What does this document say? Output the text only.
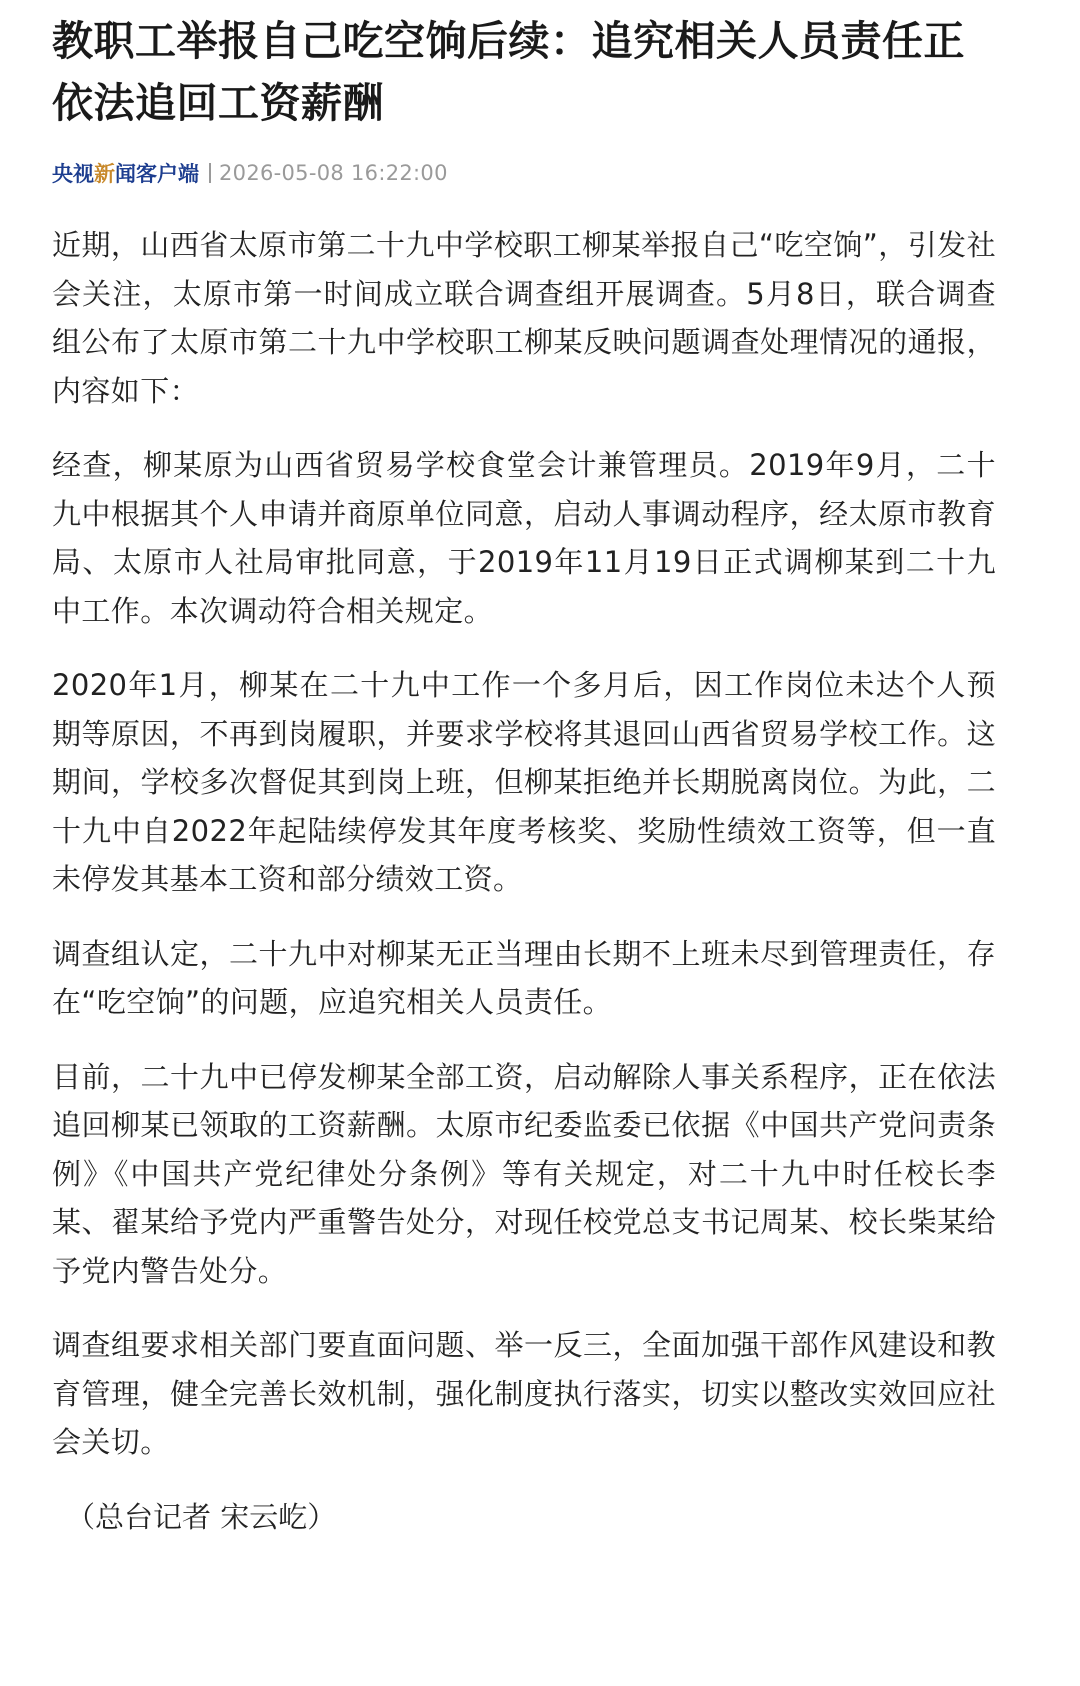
教职工举报自己吃空饷后续：追究相关人员责任正依法追回工资薪酬
央视 新 闻客户端 2026-05-08 16:22:00

近期，山西省太原市第二十九中学校职工柳某举报自己“吃空饷”，引发社会关注，太原市第一时间成立联合调查组开展调查。5月8日，联合调查组公布了太原市第二十九中学校职工柳某反映问题调查处理情况的通报，内容如下：

经查，柳某原为山西省贸易学校食堂会计兼管理员。2019年9月，二十九中根据其个人申请并商原单位同意，启动人事调动程序，经太原市教育局、太原市人社局审批同意，于2019年11月19日正式调柳某到二十九中工作。本次调动符合相关规定。

2020年1月，柳某在二十九中工作一个多月后，因工作岗位未达个人预期等原因，不再到岗履职，并要求学校将其退回山西省贸易学校工作。这期间，学校多次督促其到岗上班，但柳某拒绝并长期脱离岗位。为此，二十九中自2022年起陆续停发其年度考核奖、奖励性绩效工资等，但一直未停发其基本工资和部分绩效工资。

调查组认定，二十九中对柳某无正当理由长期不上班未尽到管理责任，存在“吃空饷”的问题，应追究相关人员责任。

目前，二十九中已停发柳某全部工资，启动解除人事关系程序，正在依法追回柳某已领取的工资薪酬。太原市纪委监委已依据《中国共产党问责条例》《中国共产党纪律处分条例》等有关规定，对二十九中时任校长李某、翟某给予党内严重警告处分，对现任校党总支书记周某、校长柴某给予党内警告处分。

调查组要求相关部门要直面问题、举一反三，全面加强干部作风建设和教育管理，健全完善长效机制，强化制度执行落实，切实以整改实效回应社会关切。

（总台记者 宋云屹）
